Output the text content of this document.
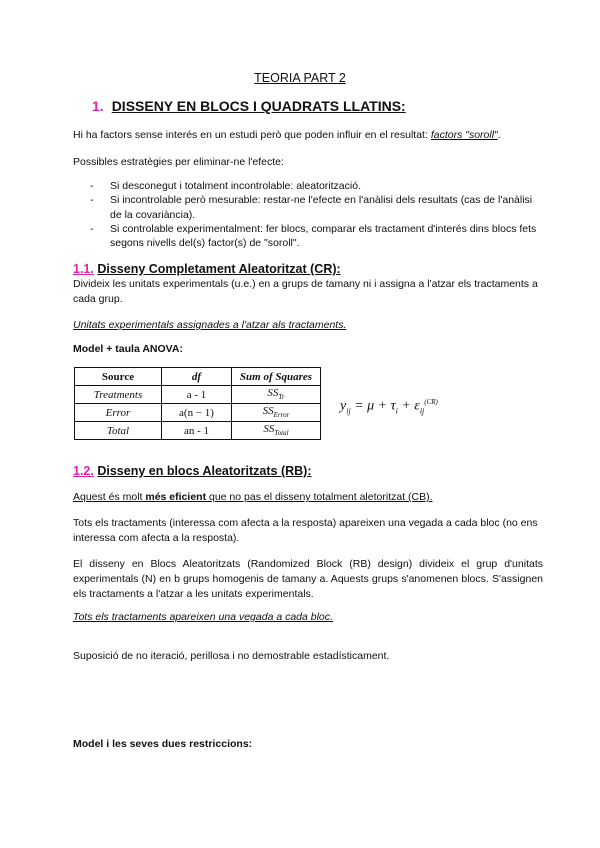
TEORIA PART 2
1. DISSENY EN BLOCS I QUADRATS LLATINS:
Hi ha factors sense interés en un estudi però que poden influir en el resultat: factors "soroll".
Possibles estratègies per eliminar-ne l'efecte:
- Si desconegut i totalment incontrolable: aleatorització.
- Si incontrolable però mesurable: restar-ne l'efecte en l'anàlisi dels resultats (cas de l'anàlisi de la covariància).
- Si controlable experimentalment: fer blocs, comparar els tractament d'interés dins blocs fets segons nivells del(s) factor(s) de "soroll".
1.1. Disseny Completament Aleatoritzat (CR):
Divideix les unitats experimentals (u.e.) en a grups de tamany ni i assigna a l'atzar els tractaments a cada grup.
Unitats experimentals assignades a l'atzar als tractaments.
Model + taula ANOVA:
Source	df	Sum of Squares
Treatments	a - 1	$SS_{Tr}$
Error	a(n − 1)	$SS_{Error}$
Total	an - 1	$SS_{Total}$
$y_{ij} = \mu + \tau_i + \varepsilon_{ij}^{(CR)}$
1.2. Disseny en blocs Aleatoritzats (RB):
Aquest és molt més eficient que no pas el disseny totalment aletoritzat (CB).
Tots els tractaments (interessa com afecta a la resposta) apareixen una vegada a cada bloc (no ens interessa com afecta a la resposta).
El disseny en Blocs Aleatoritzats (Randomized Block (RB) design) divideix el grup d'unitats experimentals (N) en b grups homogenis de tamany a. Aquests grups s'anomenen blocs. S'assignen els tractaments a l'atzar a les unitats experimentals.
Tots els tractaments apareixen una vegada a cada bloc.
Suposició de no iteració, perillosa i no demostrable estadísticament.
Model i les seves dues restriccions:
